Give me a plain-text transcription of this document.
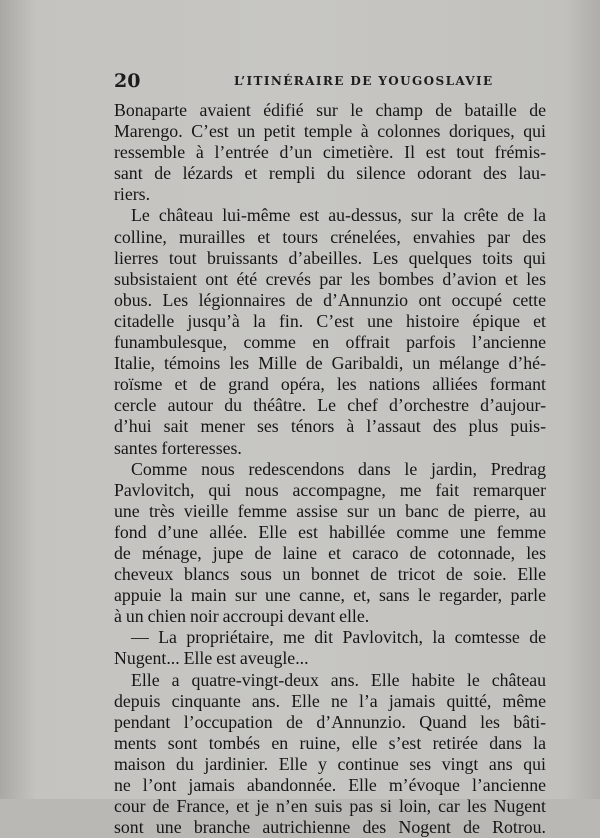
20	L’ITINÉRAIRE DE YOUGOSLAVIE
Bonaparte avaient édifié sur le champ de bataille de
Marengo. C’est un petit temple à colonnes doriques, qui
ressemble à l’entrée d’un cimetière. Il est tout frémis-
sant de lézards et rempli du silence odorant des lau-
riers.
Le château lui-même est au-dessus, sur la crête de la
colline, murailles et tours crénelées, envahies par des
lierres tout bruissants d’abeilles. Les quelques toits qui
subsistaient ont été crevés par les bombes d’avion et les
obus. Les légionnaires de d’Annunzio ont occupé cette
citadelle jusqu’à la fin. C’est une histoire épique et
funambulesque, comme en offrait parfois l’ancienne
Italie, témoins les Mille de Garibaldi, un mélange d’hé-
roïsme et de grand opéra, les nations alliées formant
cercle autour du théâtre. Le chef d’orchestre d’aujour-
d’hui sait mener ses ténors à l’assaut des plus puis-
santes forteresses.
Comme nous redescendons dans le jardin, Predrag
Pavlovitch, qui nous accompagne, me fait remarquer
une très vieille femme assise sur un banc de pierre, au
fond d’une allée. Elle est habillée comme une femme
de ménage, jupe de laine et caraco de cotonnade, les
cheveux blancs sous un bonnet de tricot de soie. Elle
appuie la main sur une canne, et, sans le regarder, parle
à un chien noir accroupi devant elle.
— La propriétaire, me dit Pavlovitch, la comtesse de
Nugent... Elle est aveugle...
Elle a quatre-vingt-deux ans. Elle habite le château
depuis cinquante ans. Elle ne l’a jamais quitté, même
pendant l’occupation de d’Annunzio. Quand les bâti-
ments sont tombés en ruine, elle s’est retirée dans la
maison du jardinier. Elle y continue ses vingt ans qui
ne l’ont jamais abandonnée. Elle m’évoque l’ancienne
cour de France, et je n’en suis pas si loin, car les Nugent
sont une branche autrichienne des Nogent de Rotrou.
